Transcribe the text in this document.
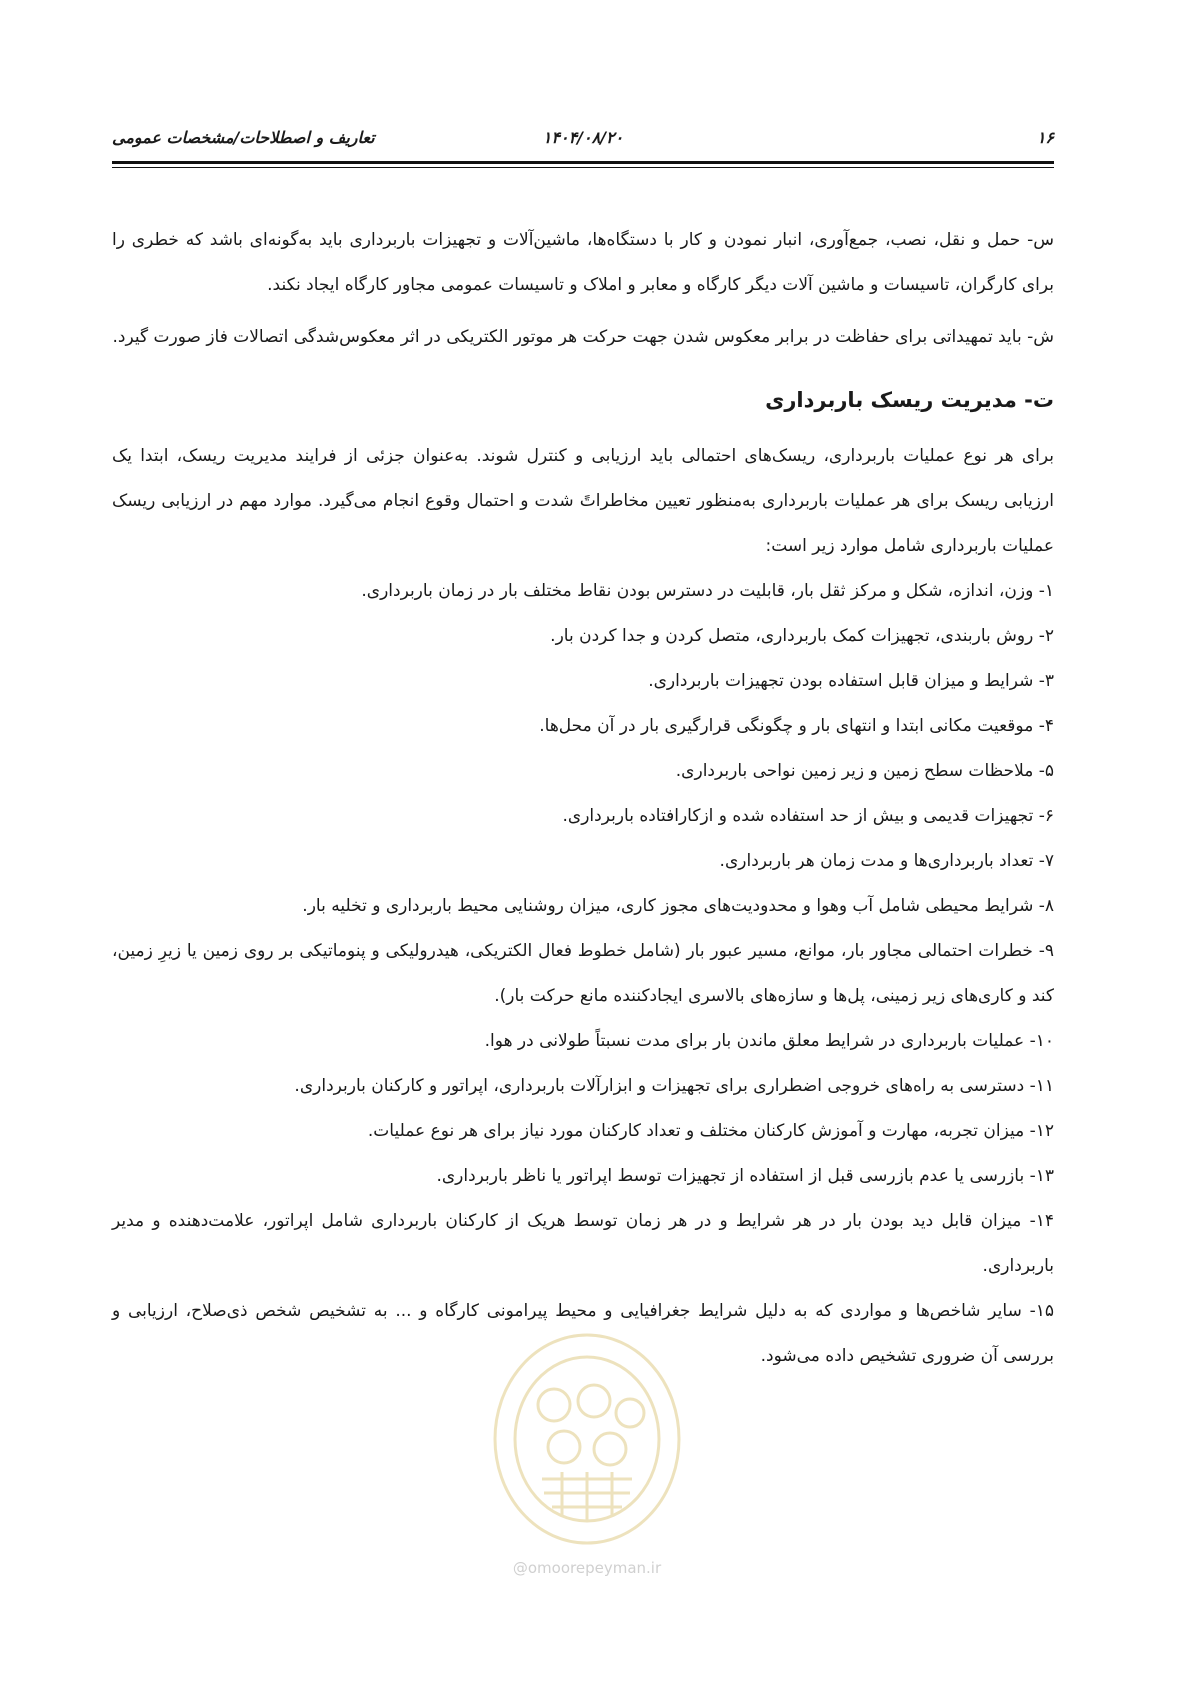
تعاریف و اصطلاحات/مشخصات عمومی	۱۴۰۴/۰۸/۲۰	۱۶

س- حمل و نقل، نصب، جمع‌آوری، انبار نمودن و کار با دستگاه‌ها، ماشین‌آلات و تجهیزات باربرداری باید به‌گونه‌ای باشد که خطری را برای کارگران، تاسیسات و ماشین آلات دیگر کارگاه و معابر و املاک و تاسیسات عمومی مجاور کارگاه ایجاد نکند.

ش- باید تمهیداتی برای حفاظت در برابر معکوس شدن جهت حرکت هر موتور الکتریکی در اثر معکوس‌شدگی اتصالات فاز صورت گیرد.

ت- مدیریت ریسک باربرداری

برای هر نوع عملیات باربرداری، ریسک‌های احتمالی باید ارزیابی و کنترل شوند. به‌عنوان جزئی از فرایند مدیریت ریسک، ابتدا یک ارزیابی ریسک برای هر عملیات باربرداری به‌منظور تعیین مخاطراتً شدت و احتمال وقوع انجام می‌گیرد. موارد مهم در ارزیابی ریسک عملیات باربرداری شامل موارد زیر است:

۱- وزن، اندازه، شکل و مرکز ثقل بار، قابلیت در دسترس بودن نقاط مختلف بار در زمان باربرداری.
۲- روش باربندی، تجهیزات کمک باربرداری، متصل کردن و جدا کردن بار.
۳- شرایط و میزان قابل استفاده بودن تجهیزات باربرداری.
۴- موقعیت مکانی ابتدا و انتهای بار و چگونگی قرارگیری بار در آن محل‌ها.
۵- ملاحظات سطح زمین و زیر زمین نواحی باربرداری.
۶- تجهیزات قدیمی و بیش از حد استفاده شده و ازکارافتاده باربرداری.
۷- تعداد باربرداری‌ها و مدت زمان هر باربرداری.
۸- شرایط محیطی شامل آب وهوا و محدودیت‌های مجوز کاری، میزان روشنایی محیط باربرداری و تخلیه بار.
۹- خطرات احتمالی مجاور بار، موانع، مسیر عبور بار (شامل خطوط فعال الکتریکی، هیدرولیکی و پنوماتیکی بر روی زمین یا زیرِ زمین، کند و کاری‌های زیر زمینی، پل‌ها و سازه‌های بالاسری ایجادکننده مانع حرکت بار).
۱۰- عملیات باربرداری در شرایط معلق ماندن بار برای مدت نسبتاً طولانی در هوا.
۱۱- دسترسی به راه‌های خروجی اضطراری برای تجهیزات و ابزارآلات باربرداری، اپراتور و کارکنان باربرداری.
۱۲- میزان تجربه، مهارت و آموزش کارکنان مختلف و تعداد کارکنان مورد نیاز برای هر نوع عملیات.
۱۳- بازرسی یا عدم بازرسی قبل از استفاده از تجهیزات توسط اپراتور یا ناظر باربرداری.
۱۴- میزان قابل دید بودن بار در هر شرایط و در هر زمان توسط هریک از کارکنان باربرداری شامل اپراتور، علامت‌دهنده و مدیر باربرداری.
۱۵- سایر شاخص‌ها و مواردی که به دلیل شرایط جغرافیایی و محیط پیرامونی کارگاه و ... به تشخیص شخص ذی‌صلاح، ارزیابی و بررسی آن ضروری تشخیص داده می‌شود.
@omoorepeyman.ir
